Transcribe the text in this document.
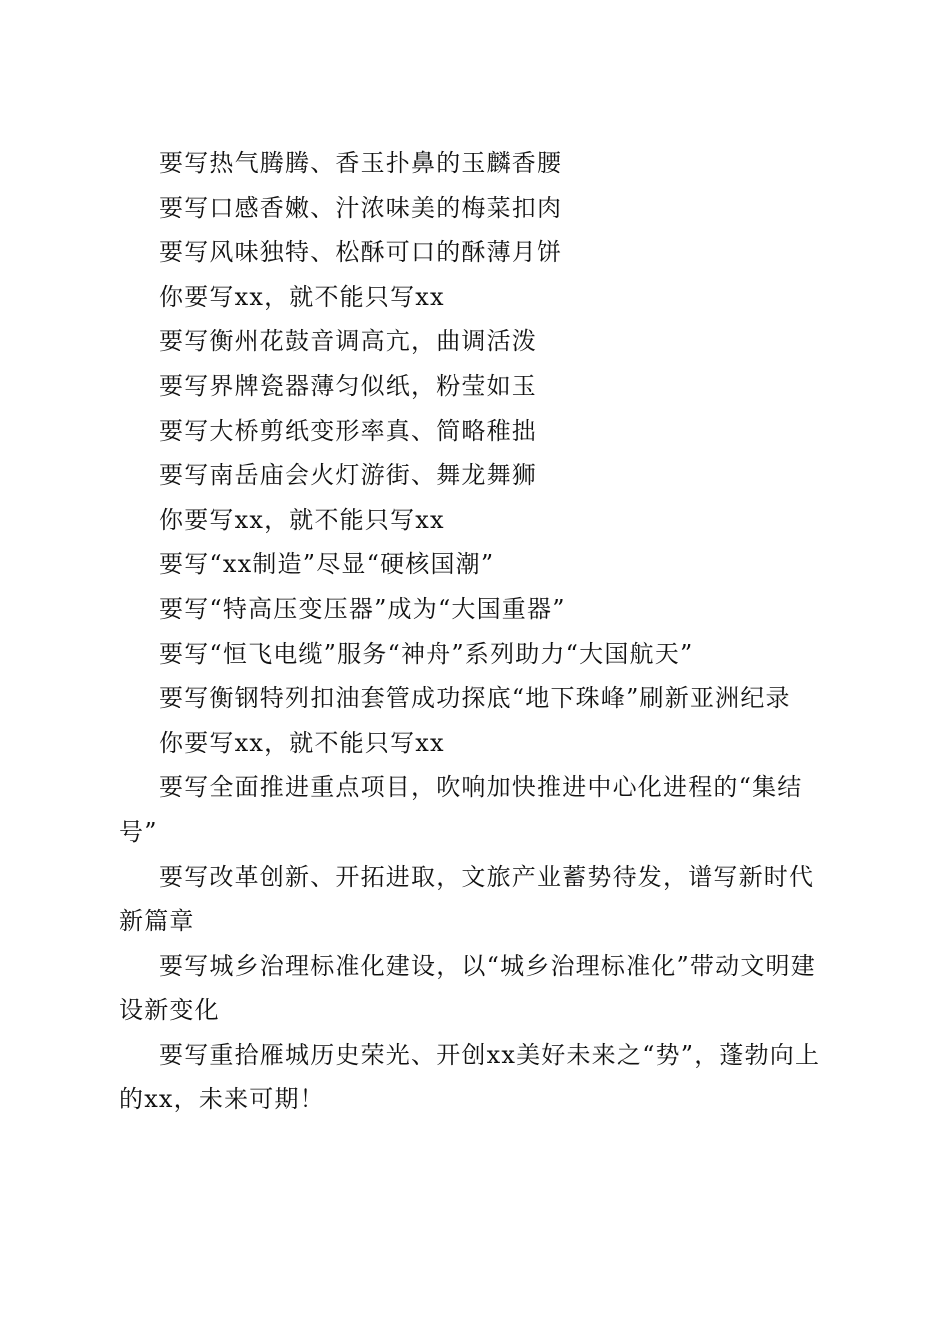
要写热气腾腾、香玉扑鼻的玉麟香腰

要写口感香嫩、汁浓味美的梅菜扣肉

要写风味独特、松酥可口的酥薄月饼

你要写xx，就不能只写xx

要写衡州花鼓音调高亢，曲调活泼

要写界牌瓷器薄匀似纸，粉莹如玉

要写大桥剪纸变形率真、简略稚拙

要写南岳庙会火灯游街、舞龙舞狮

你要写xx，就不能只写xx

要写“xx制造”尽显“硬核国潮”

要写“特高压变压器”成为“大国重器”

要写“恒飞电缆”服务“神舟”系列助力“大国航天”

要写衡钢特列扣油套管成功探底“地下珠峰”刷新亚洲纪录

你要写xx，就不能只写xx

要写全面推进重点项目，吹响加快推进中心化进程的“集结号”

要写改革创新、开拓进取，文旅产业蓄势待发，谱写新时代新篇章

要写城乡治理标准化建设，以“城乡治理标准化”带动文明建设新变化

要写重拾雁城历史荣光、开创xx美好未来之“势”，蓬勃向上的xx，未来可期！
